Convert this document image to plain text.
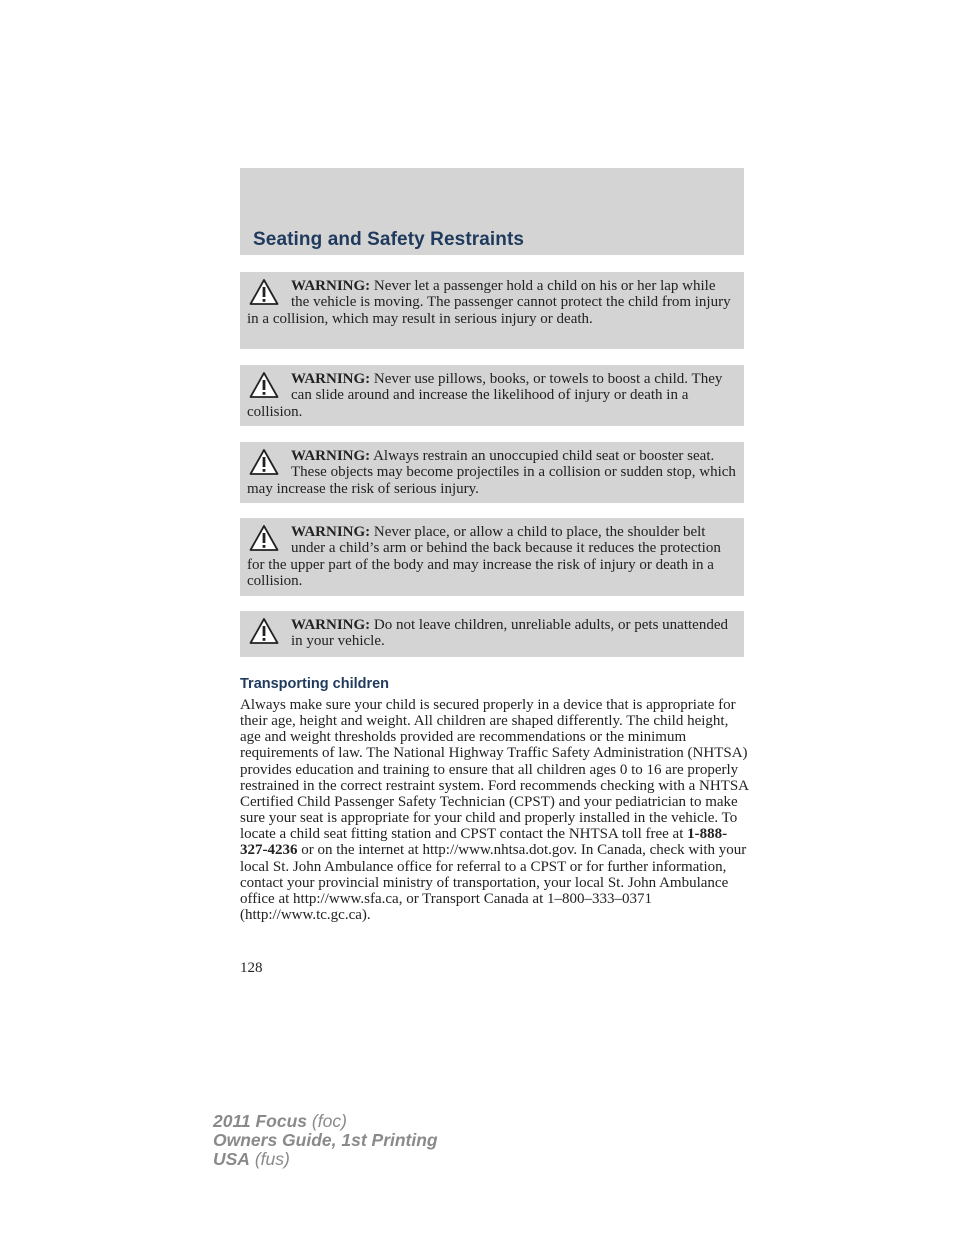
Seating and Safety Restraints
WARNING: Never let a passenger hold a child on his or her lap while the vehicle is moving. The passenger cannot protect the child from injury in a collision, which may result in serious injury or death.
WARNING: Never use pillows, books, or towels to boost a child. They can slide around and increase the likelihood of injury or death in a collision.
WARNING: Always restrain an unoccupied child seat or booster seat. These objects may become projectiles in a collision or sudden stop, which may increase the risk of serious injury.
WARNING: Never place, or allow a child to place, the shoulder belt under a child’s arm or behind the back because it reduces the protection for the upper part of the body and may increase the risk of injury or death in a collision.
WARNING: Do not leave children, unreliable adults, or pets unattended in your vehicle.
Transporting children

Always make sure your child is secured properly in a device that is appropriate for their age, height and weight. All children are shaped differently. The child height, age and weight thresholds provided are recommendations or the minimum requirements of law. The National Highway Traffic Safety Administration (NHTSA) provides education and training to ensure that all children ages 0 to 16 are properly restrained in the correct restraint system. Ford recommends checking with a NHTSA Certified Child Passenger Safety Technician (CPST) and your pediatrician to make sure your seat is appropriate for your child and properly installed in the vehicle. To locate a child seat fitting station and CPST contact the NHTSA toll free at 1-888-327-4236 or on the internet at http://www.nhtsa.dot.gov. In Canada, check with your local St. John Ambulance office for referral to a CPST or for further information, contact your provincial ministry of transportation, your local St. John Ambulance office at http://www.sfa.ca, or Transport Canada at 1–800–333–0371 (http://www.tc.gc.ca).

128

2011 Focus (foc)
Owners Guide, 1st Printing
USA (fus)
